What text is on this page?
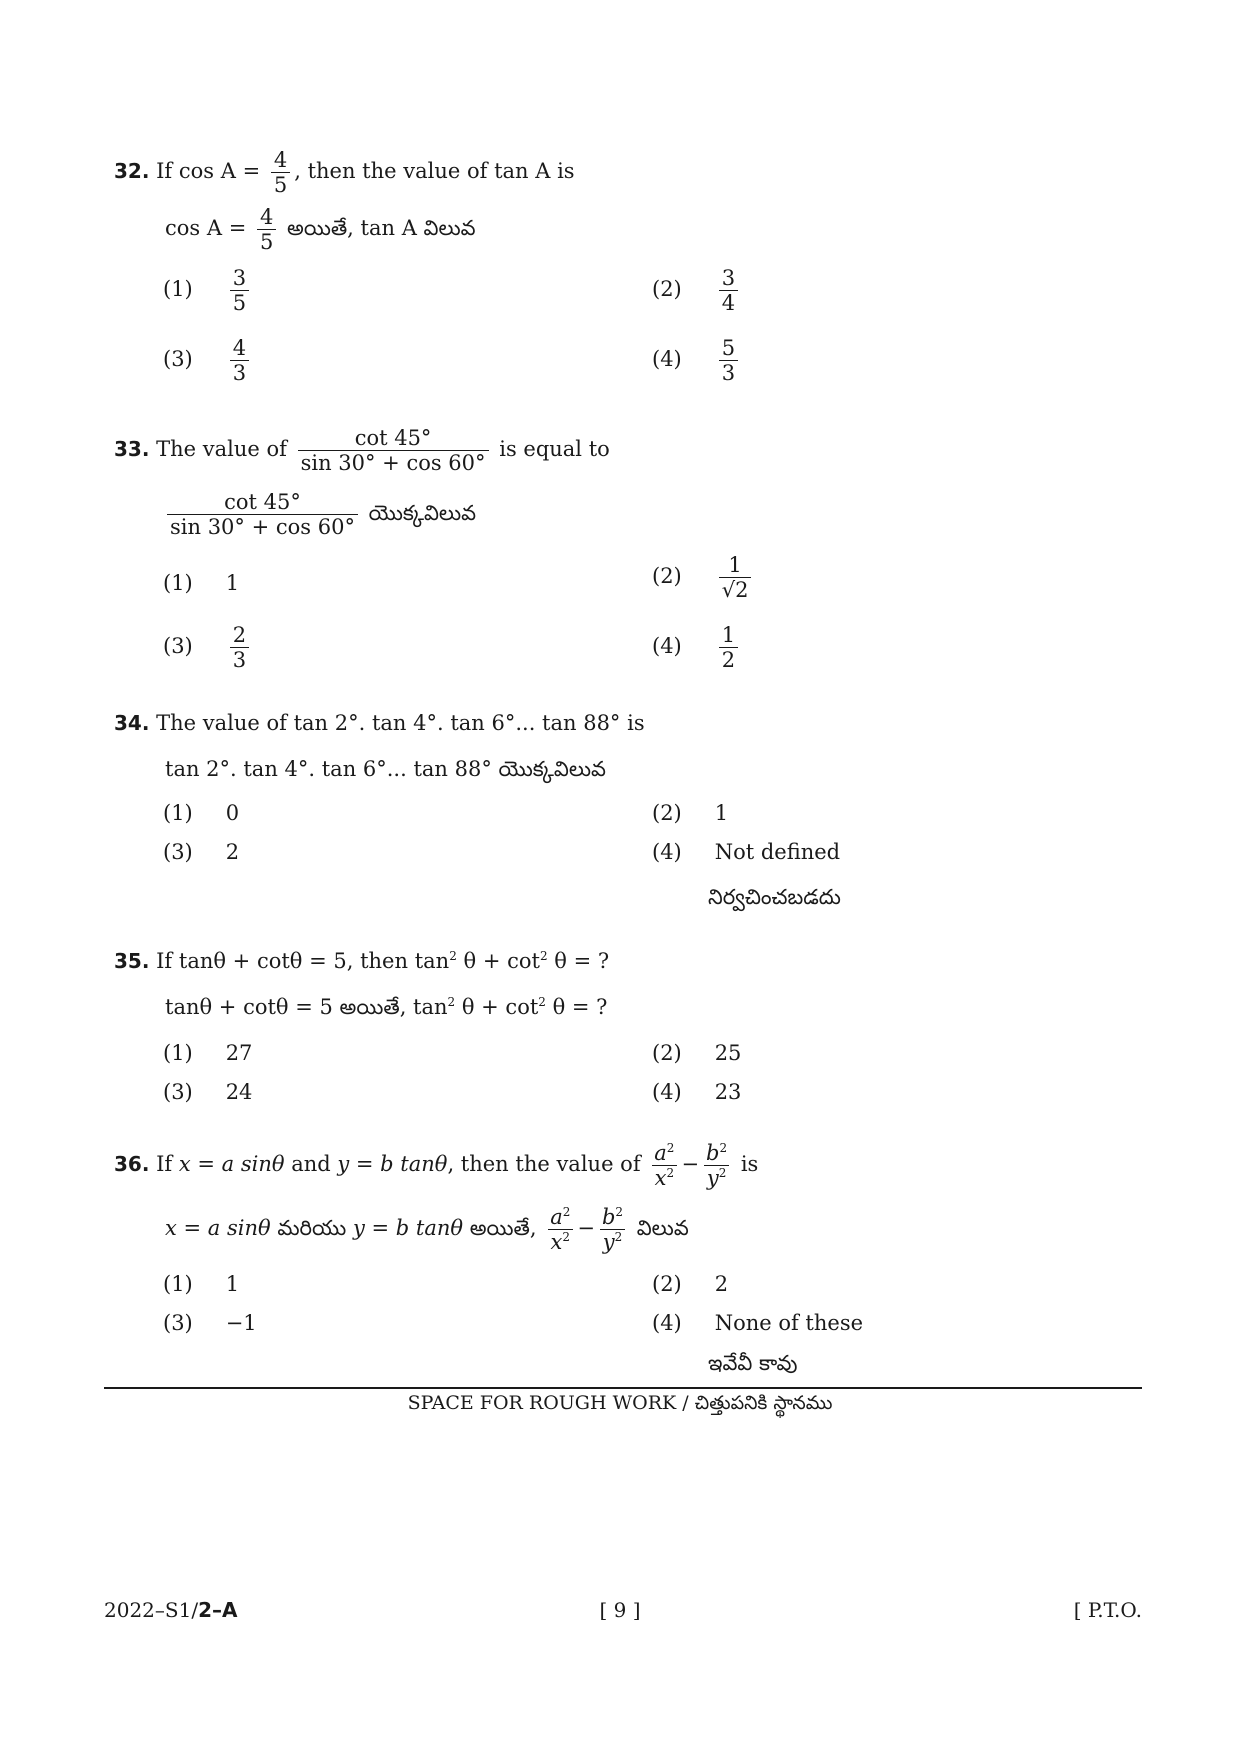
32. If $\cos A = \frac{4}{5}$ , then the value of tan A is
$\cos A = \frac{4}{5}$ అయితే, tan A విలువ
$(1) \frac{3}{5}$	$(2) \frac{3}{4}$
$(3) \frac{4}{3}$	$(4) \frac{5}{3}$
33. The value of $\frac{\cot 45^\circ}{\sin 30^\circ + \cos 60^\circ}$ is equal to
$\frac{\cot 45^\circ}{\sin 30^\circ + \cos 60^\circ}$ యొక్కవిలువ
(1) 1	$(2) \frac{1}{√2}$
$(3) \frac{2}{3}$	$(4) \frac{1}{2}$
34. The value of tan 2°. tan 4°. tan 6°... tan 88° is
tan 2°. tan 4°. tan 6°... tan 88° యొక్కవిలువ
(1) 0	(2) 1
(3) 2	(4) Not defined
నిర్వచించబడదు
35. If tanθ + cotθ = 5, then $\tan^2 \theta + \cot^2 \theta$ = ?
tanθ + cotθ = 5 అయితే, $\tan^2 \theta + \cot^2 \theta$ = ?
(1) 27	(2) 25
(3) 24	(4) 23
36. If x = a sinθ and y = b tanθ, then the value of $\frac{a^2}{x^2} - \frac{b^2}{y^2}$ is
x = a sinθ మరియు y = b tanθ అయితే, $\frac{a^2}{x^2} - \frac{b^2}{y^2}$ విలువ
(1) 1	(2) 2
(3) −1	(4) None of these
ఇవేవీ కావు
SPACE FOR ROUGH WORK / చిత్తుపనికి స్థానము
2022–S1/2–A	[ 9 ]	[ P.T.O.
